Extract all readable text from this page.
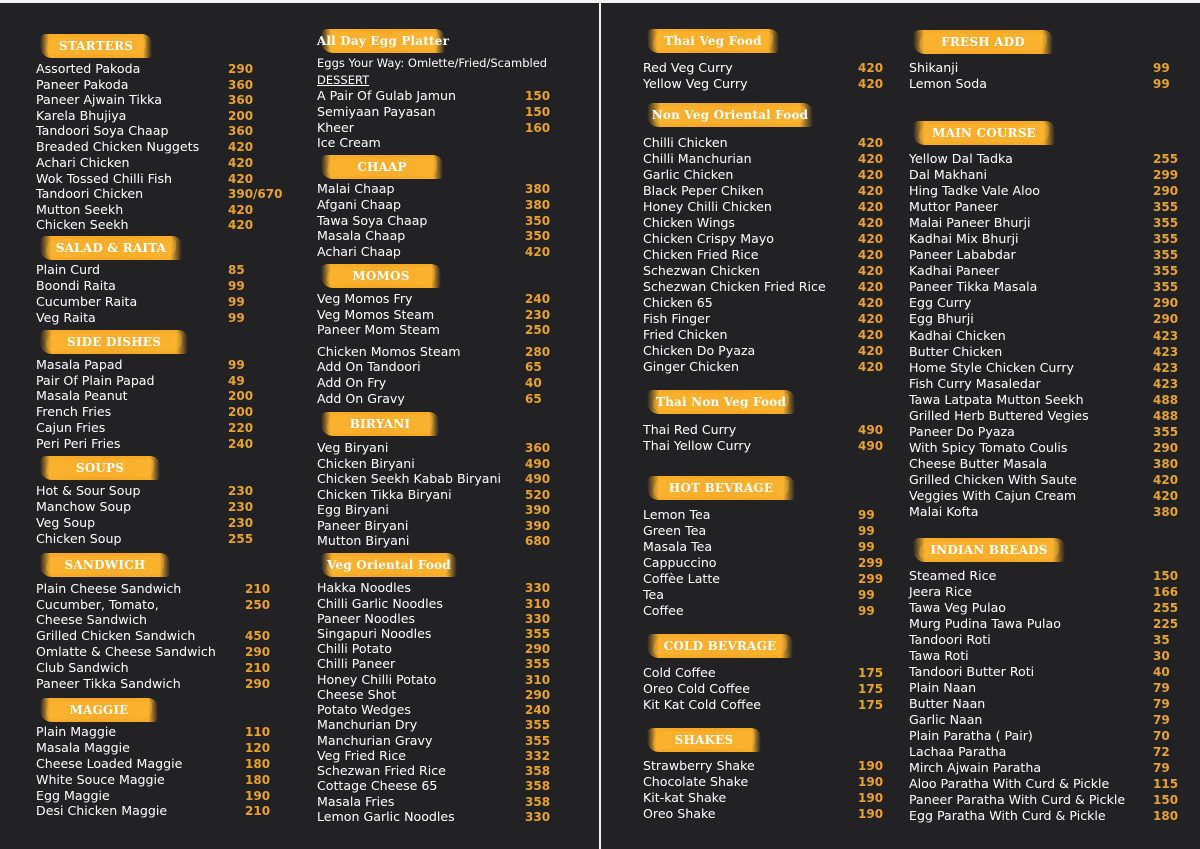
STARTERS
Assorted Pakoda	290
Paneer Pakoda	360
Paneer Ajwain Tikka	360
Karela Bhujiya	200
Tandoori Soya Chaap	360
Breaded Chicken Nuggets 420
Achari Chicken	420
Wok Tossed Chilli Fish	420
Tandoori Chicken	390/670
Mutton Seekh	420
Chicken Seekh	420
SALAD & RAITA
Plain Curd	85
Boondi Raita	99
Cucumber Raita	99
Veg Raita	99
SIDE DISHES
Masala Papad	99
Pair Of Plain Papad	49
Masala Peanut	200
French Fries	200
Cajun Fries	220
Peri Peri Fries	240
SOUPS
Hot & Sour Soup	230
Manchow Soup	230
Veg Soup	230
Chicken Soup	255
SANDWICH
Plain Cheese Sandwich	210
Cucumber, Tomato,	250
Cheese Sandwich
Grilled Chicken Sandwich	450
Omlatte & Cheese Sandwich 290
Club Sandwich	210
Paneer Tikka Sandwich	290
MAGGIE
Plain Maggie	110
Masala Maggie	120
Cheese Loaded Maggie	180
White Souce Maggie	180
Egg Maggie	190
Desi Chicken Maggie	210
All Day Egg Platter
Eggs Your Way: Omlette/Fried/Scambled
DESSERT
A Pair Of Gulab Jamun	150
Semiyaan Payasan	150
Kheer	160
Ice Cream
CHAAP
Malai Chaap	380
Afgani Chaap	380
Tawa Soya Chaap	350
Masala Chaap	350
Achari Chaap	420
MOMOS
Veg Momos Fry	240
Veg Momos Steam	230
Paneer Mom Steam	250
Chicken Momos Steam	280
Add On Tandoori	65
Add On Fry	40
Add On Gravy	65
BIRYANI
Veg Biryani	360
Chicken Biryani	490
Chicken Seekh Kabab Biryani 490
Chicken Tikka Biryani	520
Egg Biryani	390
Paneer Biryani	390
Mutton Biryani	680
Veg Oriental Food
Hakka Noodles	330
Chilli Garlic Noodles	310
Paneer Noodles	330
Singapuri Noodles	355
Chilli Potato	290
Chilli Paneer	355
Honey Chilli Potato	310
Cheese Shot	290
Potato Wedges	240
Manchurian Dry	355
Manchurian Gravy	355
Veg Fried Rice	332
Schezwan Fried Rice	358
Cottage Cheese 65	358
Masala Fries	358
Lemon Garlic Noodles	330
Thai Veg Food
Red Veg Curry	420
Yellow Veg Curry	420
Non Veg Oriental Food
Chilli Chicken	420
Chilli Manchurian	420
Garlic Chicken	420
Black Peper Chiken	420
Honey Chilli Chicken	420
Chicken Wings	420
Chicken Crispy Mayo	420
Chicken Fried Rice	420
Schezwan Chicken	420
Schezwan Chicken Fried Rice	420
Chicken 65	420
Fish Finger	420
Fried Chicken	420
Chicken Do Pyaza	420
Ginger Chicken	420
Thai Non Veg Food
Thai Red Curry	490
Thai Yellow Curry	490
HOT BEVRAGE
Lemon Tea	99
Green Tea	99
Masala Tea	99
Cappuccino	299
Coffèe Latte	299
Tea	99
Coffee	99
COLD BEVRAGE
Cold Coffee	175
Oreo Cold Coffee	175
Kit Kat Cold Coffee	175
SHAKES
Strawberry Shake	190
Chocolate Shake	190
Kit-kat Shake	190
Oreo Shake	190
FRESH ADD
Shikanji	99
Lemon Soda	99
MAIN COURSE
Yellow Dal Tadka	255
Dal Makhani	299
Hing Tadke Vale Aloo	290
Muttor Paneer	355
Malai Paneer Bhurji	355
Kadhai Mix Bhurji	355
Paneer Lababdar	355
Kadhai Paneer	355
Paneer Tikka Masala	355
Egg Curry	290
Egg Bhurji	290
Kadhai Chicken	423
Butter Chicken	423
Home Style Chicken Curry	423
Fish Curry Masaledar	423
Tawa Latpata Mutton Seekh	488
Grilled Herb Buttered Vegies	488
Paneer Do Pyaza	355
With Spicy Tomato Coulis	290
Cheese Butter Masala	380
Grilled Chicken With Saute	420
Veggies With Cajun Cream	420
Malai Kofta	380
INDIAN BREADS
Steamed Rice	150
Jeera Rice	166
Tawa Veg Pulao	255
Murg Pudina Tawa Pulao	225
Tandoori Roti	35
Tawa Roti	30
Tandoori Butter Roti	40
Plain Naan	79
Butter Naan	79
Garlic Naan	79
Plain Paratha ( Pair)	70
Lachaa Paratha	72
Mirch Ajwain Paratha	79
Aloo Paratha With Curd & Pickle	115
Paneer Paratha With Curd & Pickle 150
Egg Paratha With Curd & Pickle	180
